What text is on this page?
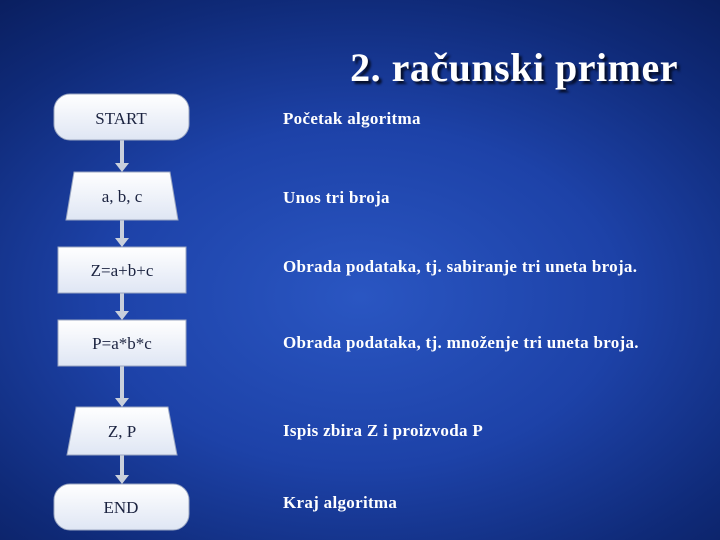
2. računski primer
START
a, b, c
Z=a+b+c
P=a*b*c
Z, P
END
Početak algoritma
Unos tri broja
Obrada podataka, tj. sabiranje tri uneta broja.
Obrada podataka, tj. množenje tri uneta broja.
Ispis zbira Z i proizvoda P
Kraj algoritma
